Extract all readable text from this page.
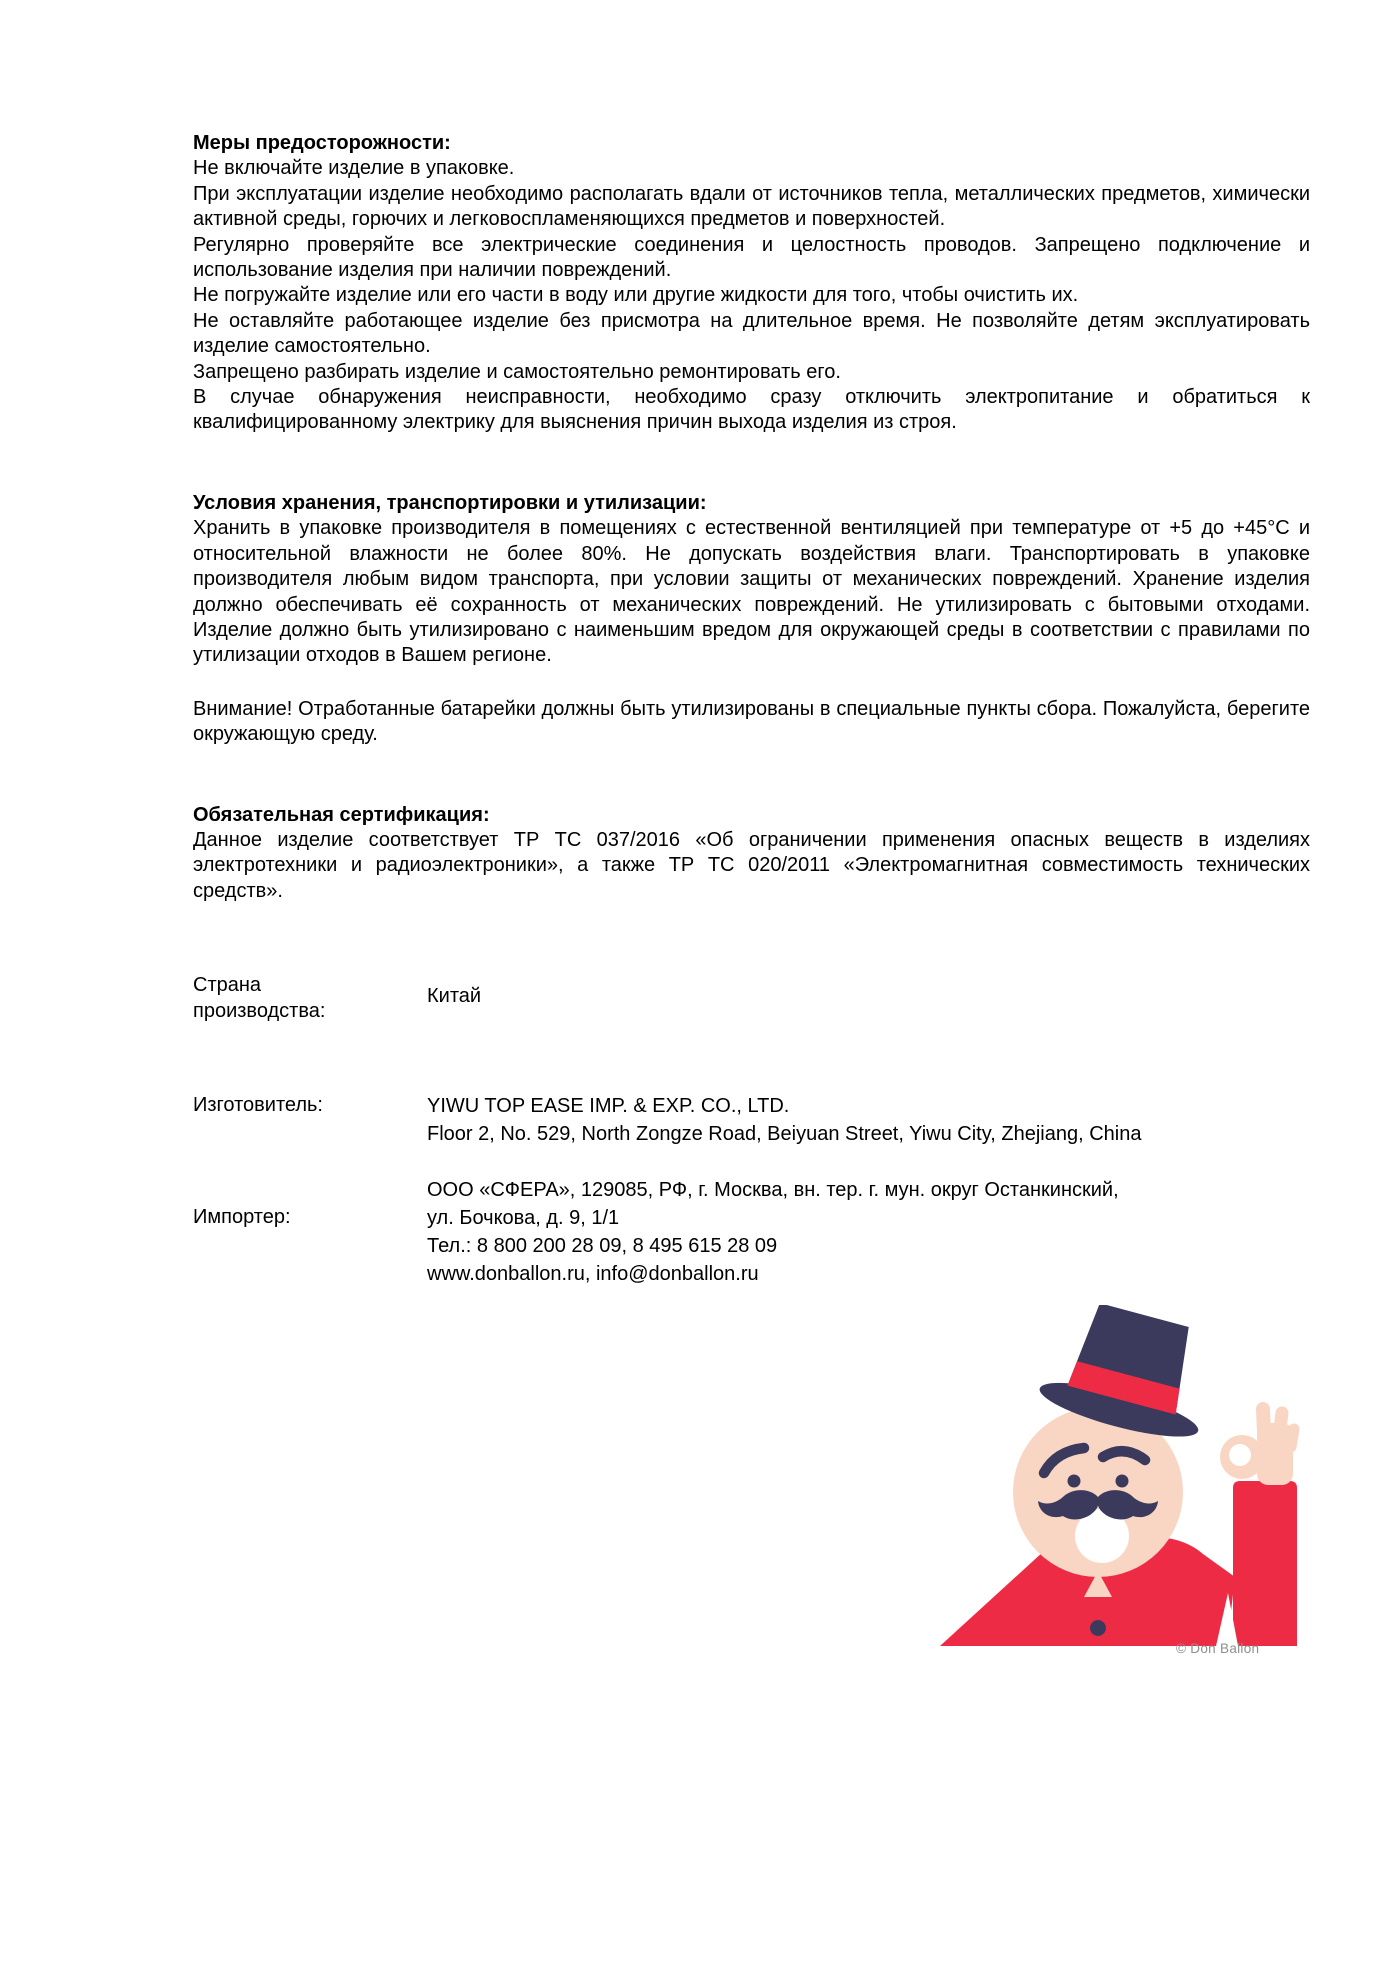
Меры предосторожности:
Не включайте изделие в упаковке.
При эксплуатации изделие необходимо располагать вдали от источников тепла, металлических предметов, химически активной среды, горючих и легковоспламеняющихся предметов и поверхностей.
Регулярно проверяйте все электрические соединения и целостность проводов. Запрещено подключение и использование изделия при наличии повреждений.
Не погружайте изделие или его части в воду или другие жидкости для того, чтобы очистить их.
Не оставляйте работающее изделие без присмотра на длительное время. Не позволяйте детям эксплуатировать изделие самостоятельно.
Запрещено разбирать изделие и самостоятельно ремонтировать его.
В случае обнаружения неисправности, необходимо сразу отключить электропитание и обратиться к квалифицированному электрику для выяснения причин выхода изделия из строя.
Условия хранения, транспортировки и утилизации:
Хранить в упаковке производителя в помещениях с естественной вентиляцией при температуре от +5 до +45°С и относительной влажности не более 80%. Не допускать воздействия влаги. Транспортировать в упаковке производителя любым видом транспорта, при условии защиты от механических повреждений. Хранение изделия должно обеспечивать её сохранность от механических повреждений. Не утилизировать с бытовыми отходами. Изделие должно быть утилизировано с наименьшим вредом для окружающей среды в соответствии с правилами по утилизации отходов в Вашем регионе.
Внимание! Отработанные батарейки должны быть утилизированы в специальные пункты сбора. Пожалуйста, берегите окружающую среду.
Обязательная сертификация:
Данное изделие соответствует ТР ТС 037/2016 «Об ограничении применения опасных веществ в изделиях электротехники и радиоэлектроники», а также ТР ТС 020/2011 «Электромагнитная совместимость технических средств».
Страна производства:
Китай
Изготовитель:	YIWU TOP EASE IMP. & EXP. CO., LTD.
Floor 2, No. 529, North Zongze Road, Beiyuan Street, Yiwu City, Zhejiang, China
Импортер:
ООО «СФЕРА», 129085, РФ, г. Москва, вн. тер. г. мун. округ Останкинский,
ул. Бочкова, д. 9, 1/1
Тел.: 8 800 200 28 09, 8 495 615 28 09
www.donballon.ru, info@donballon.ru
© Don Ballon
